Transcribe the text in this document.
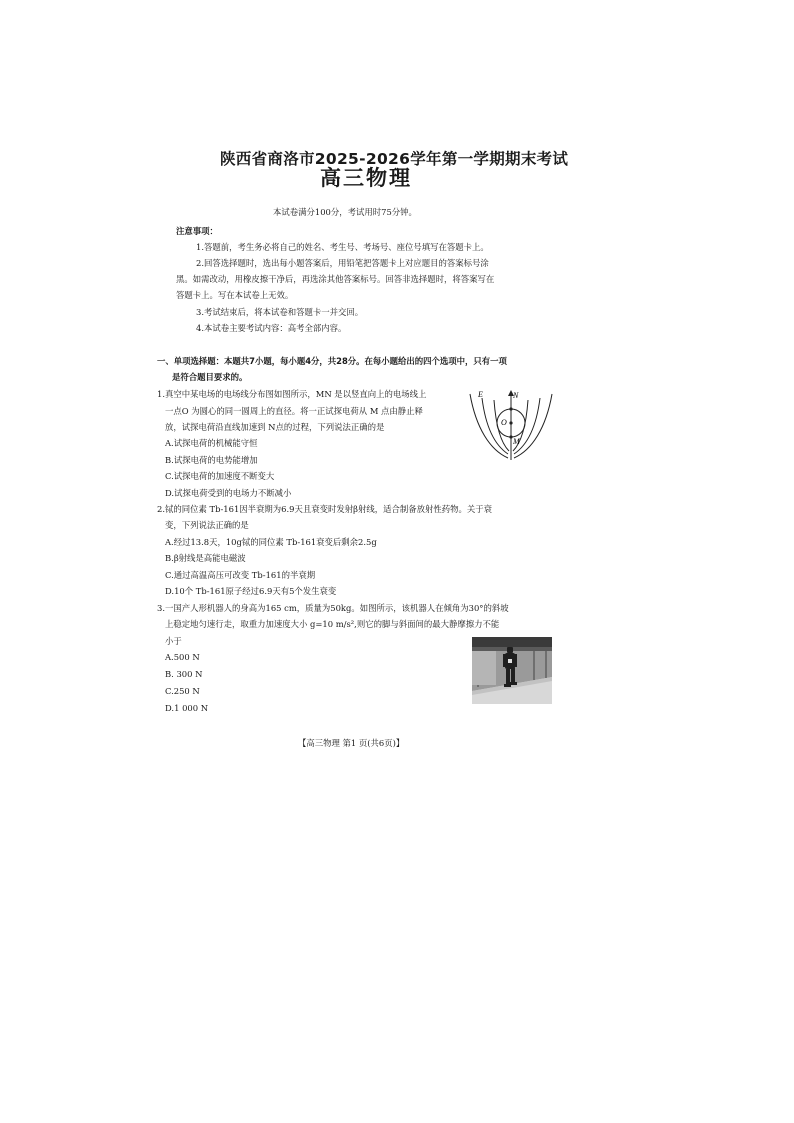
陕西省商洛市2025-2026学年第一学期期末考试
高三物理
本试卷满分100分，考试用时75分钟。
注意事项：
1.答题前，考生务必将自己的姓名、考生号、考场号、座位号填写在答题卡上。
2.回答选择题时，选出每小题答案后，用铅笔把答题卡上对应题目的答案标号涂
黑。如需改动，用橡皮擦干净后，再选涂其他答案标号。回答非选择题时，将答案写在
答题卡上。写在本试卷上无效。
3.考试结束后，将本试卷和答题卡一并交回。
4.本试卷主要考试内容：高考全部内容。
一、单项选择题：本题共7小题，每小题4分，共28分。在每小题给出的四个选项中，只有一项
是符合题目要求的。
1.真空中某电场的电场线分布图如图所示，MN 是以竖直向上的电场线上
一点O 为圆心的同一圆周上的直径。将一正试探电荷从 M 点由静止释
放，试探电荷沿直线加速到 N点的过程，下列说法正确的是
A.试探电荷的机械能守恒
B.试探电荷的电势能增加
C.试探电荷的加速度不断变大
D.试探电荷受到的电场力不断减小
E	N
O
M
2.铽的同位素 Tb-161因半衰期为6.9天且衰变时发射β射线，适合制备放射性药物。关于衰
变，下列说法正确的是
A.经过13.8天，10g铽的同位素 Tb-161衰变后剩余2.5g
B.β射线是高能电磁波
C.通过高温高压可改变 Tb-161的半衰期
D.10个 Tb-161原子经过6.9天有5个发生衰变
3.一国产人形机器人的身高为165 cm，质量为50kg。如图所示，该机器人在倾角为30°的斜坡
上稳定地匀速行走，取重力加速度大小 g=10 m/s²,则它的脚与斜面间的最大静摩擦力不能
小于
A.500 N
B. 300 N
C.250 N
D.1 000 N
【高三物理 第1 页(共6页)】
